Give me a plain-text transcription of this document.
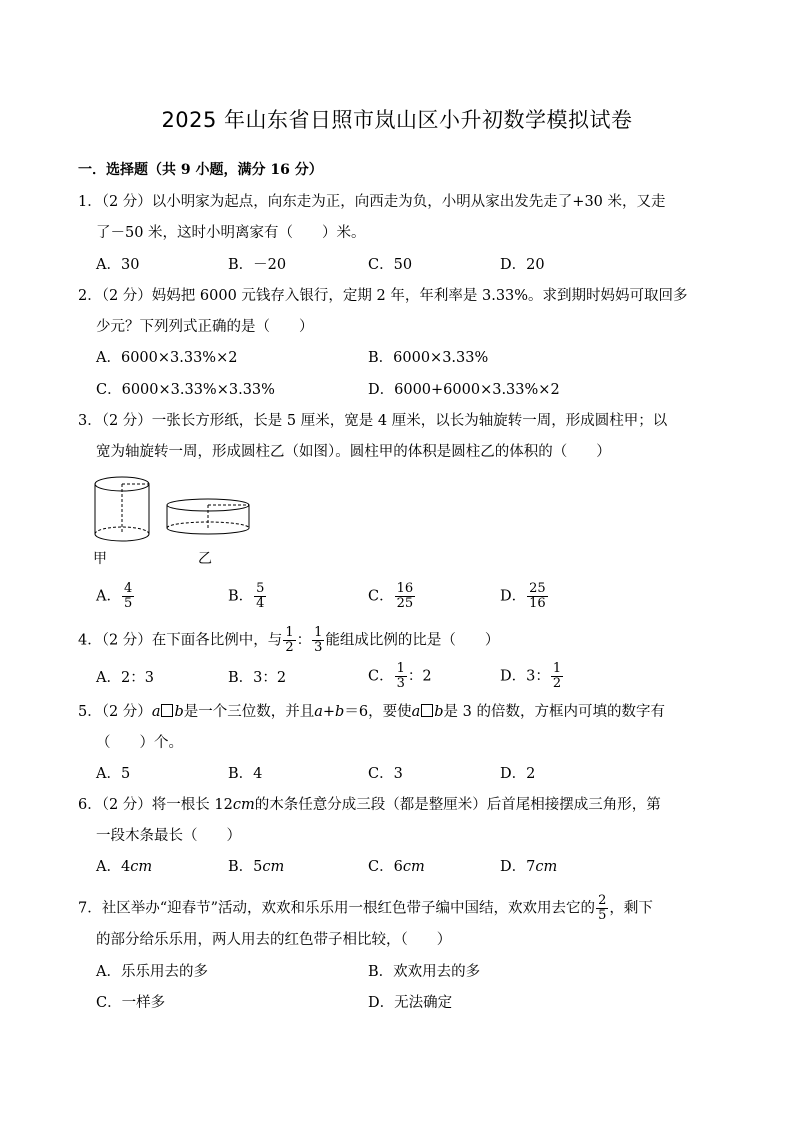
2025 年山东省日照市岚山区小升初数学模拟试卷
一．选择题（共 9 小题，满分 16 分）
1．（2 分）以小明家为起点，向东走为正，向西走为负，小明从家出发先走了+30 米，又走
了－50 米，这时小明离家有（　　）米。
A．30	B．－20	C．50	D．20
2．（2 分）妈妈把 6000 元钱存入银行，定期 2 年，年利率是 3.33%。求到期时妈妈可取回多
少元？下列列式正确的是（　　）
A．6000×3.33%×2	B．6000×3.33%
C．6000×3.33%×3.33%	D．6000+6000×3.33%×2
3．（2 分）一张长方形纸，长是 5 厘米，宽是 4 厘米，以长为轴旋转一周，形成圆柱甲；以
宽为轴旋转一周，形成圆柱乙（如图）。圆柱甲的体积是圆柱乙的体积的（　　）
甲	乙
A． $\frac{4}{5}$	B． $\frac{5}{4}$	C． $\frac{16}{25}$	D． $\frac{25}{16}$
4．（2 分）在下面各比例中，与 $\frac{1}{2}$ ： $\frac{1}{3}$ 能组成比例的比是（　　）
A．2：3	B．3：2	C． $\frac{1}{3}$ ：2	D．3： $\frac{1}{2}$
5．（2 分）a b是一个三位数，并且a+b＝6，要使a b是 3 的倍数，方框内可填的数字有
（　　）个。
A．5	B．4	C．3	D．2
6．（2 分）将一根长 12cm的木条任意分成三段（都是整厘米）后首尾相接摆成三角形，第
一段木条最长（　　）
A．4cm	B．5cm	C．6cm	D．7cm
7．社区举办“迎春节”活动，欢欢和乐乐用一根红色带子编中国结，欢欢用去它的 $\frac{2}{5}$ ，剩下
的部分给乐乐用，两人用去的红色带子相比较，（　　）
A．乐乐用去的多	B．欢欢用去的多
C．一样多	D．无法确定
